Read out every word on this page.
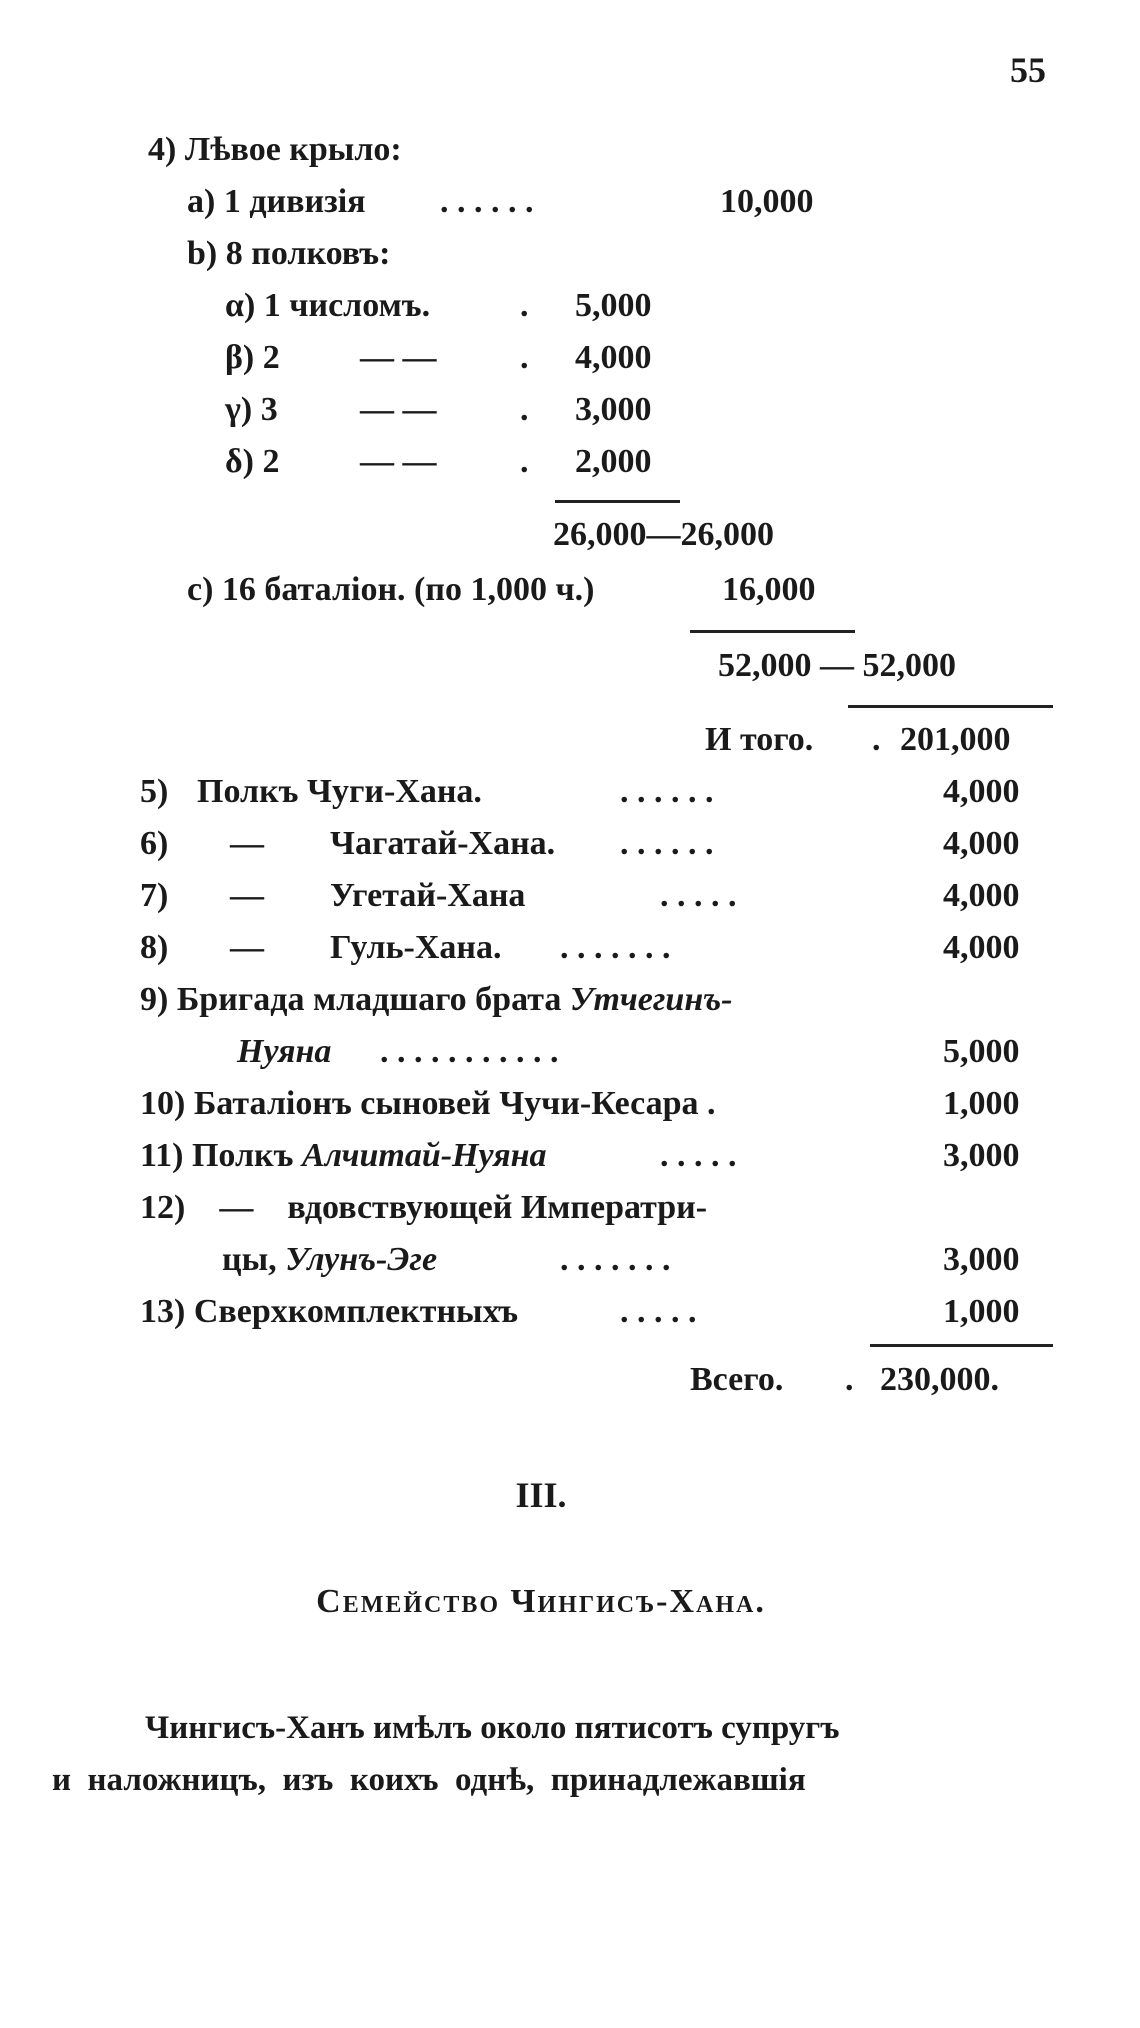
55
4) Лѣвое крыло:
a) 1 дивизія . . . . . .	10,000
b) 8 полковъ:
α) 1 числомъ.	. 5,000
β) 2 — — . 4,000
γ) 3 — — . 3,000
δ) 2 — — . 2,000
26,000—26,000
c) 16 баталіон. (по 1,000 ч.)	16,000
52,000 — 52,000
И того. . 201,000
5) Полкъ Чуги-Хана.	. . . . . .	4,000
6) — Чагатай-Хана. . . . . . .	4,000
7) — Угетай-Хана	. . . . .	4,000
8) — Гуль-Хана. . . . . . . .	4,000
9) Бригада младшаго брата Утчегинъ-
Нуяна . . . . . . . . . . .	5,000
10) Баталіонъ сыновей Чучи-Кесара .	1,000
11) Полкъ Алчитай-Нуяна	. . . . .	3,000
12)    —    вдовствующей Императри-
цы, Улунъ-Эге	. . . . . . .	3,000
13) Сверхкомплектныхъ	. . . . .	1,000
Всего. . 230,000.
III.
Семейство Чингисъ-Хана.
Чингисъ-Ханъ имѣлъ около пятисотъ супругъ
и  наложницъ,  изъ  коихъ  однѣ,  принадлежавшія
